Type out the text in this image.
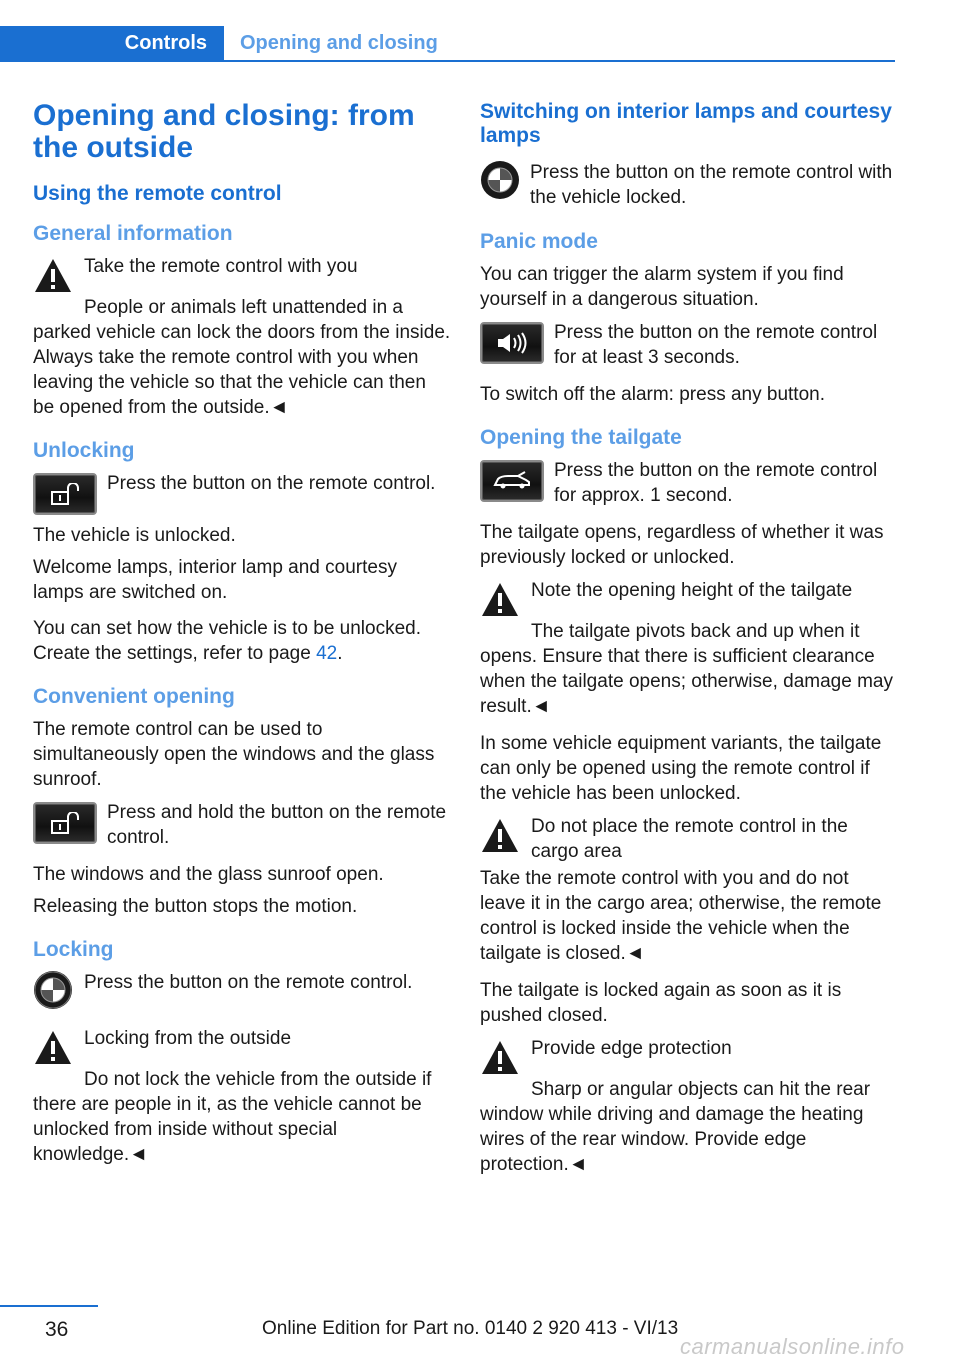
Controls	Opening and closing
Opening and closing: from the outside
Using the remote control
General information
Take the remote control with you
People or animals left unattended in a parked vehicle can lock the doors from the inside. Always take the remote control with you when leaving the vehicle so that the vehicle can then be opened from the outside.◄
Unlocking
Press the button on the remote control.
The vehicle is unlocked.
Welcome lamps, interior lamp and courtesy lamps are switched on.
You can set how the vehicle is to be unlocked. Create the settings, refer to page 42.
Convenient opening
The remote control can be used to simultaneously open the windows and the glass sunroof.
Press and hold the button on the remote control.
The windows and the glass sunroof open.
Releasing the button stops the motion.
Locking
Press the button on the remote control.
Locking from the outside
Do not lock the vehicle from the outside if there are people in it, as the vehicle cannot be unlocked from inside without special knowledge.◄
Switching on interior lamps and courtesy lamps
Press the button on the remote control with the vehicle locked.
Panic mode
You can trigger the alarm system if you find yourself in a dangerous situation.
Press the button on the remote control for at least 3 seconds.
To switch off the alarm: press any button.
Opening the tailgate
Press the button on the remote control for approx. 1 second.
The tailgate opens, regardless of whether it was previously locked or unlocked.
Note the opening height of the tailgate
The tailgate pivots back and up when it opens. Ensure that there is sufficient clearance when the tailgate opens; otherwise, damage may result.◄
In some vehicle equipment variants, the tailgate can only be opened using the remote control if the vehicle has been unlocked.
Do not place the remote control in the cargo area
Take the remote control with you and do not leave it in the cargo area; otherwise, the remote control is locked inside the vehicle when the tailgate is closed.◄
The tailgate is locked again as soon as it is pushed closed.
Provide edge protection
Sharp or angular objects can hit the rear window while driving and damage the heating wires of the rear window. Provide edge protection.◄
36	Online Edition for Part no. 0140 2 920 413 - VI/13
carmanualsonline.info
